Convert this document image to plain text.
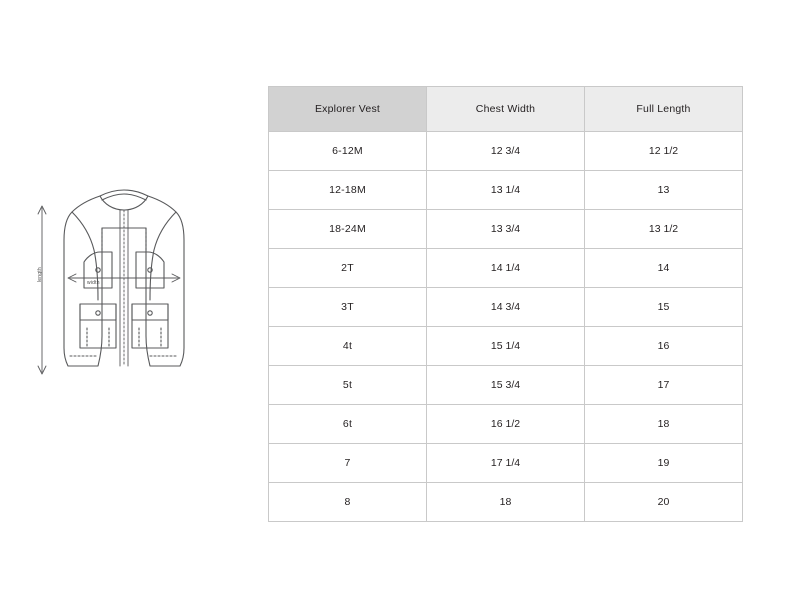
length
width
Explorer Vest	Chest Width	Full Length
6-12M	12 3/4	12 1/2
12-18M	13 1/4	13
18-24M	13 3/4	13 1/2
2T	14 1/4	14
3T	14 3/4	15
4t	15 1/4	16
5t	15 3/4	17
6t	16 1/2	18
7	17 1/4	19
8	18	20
